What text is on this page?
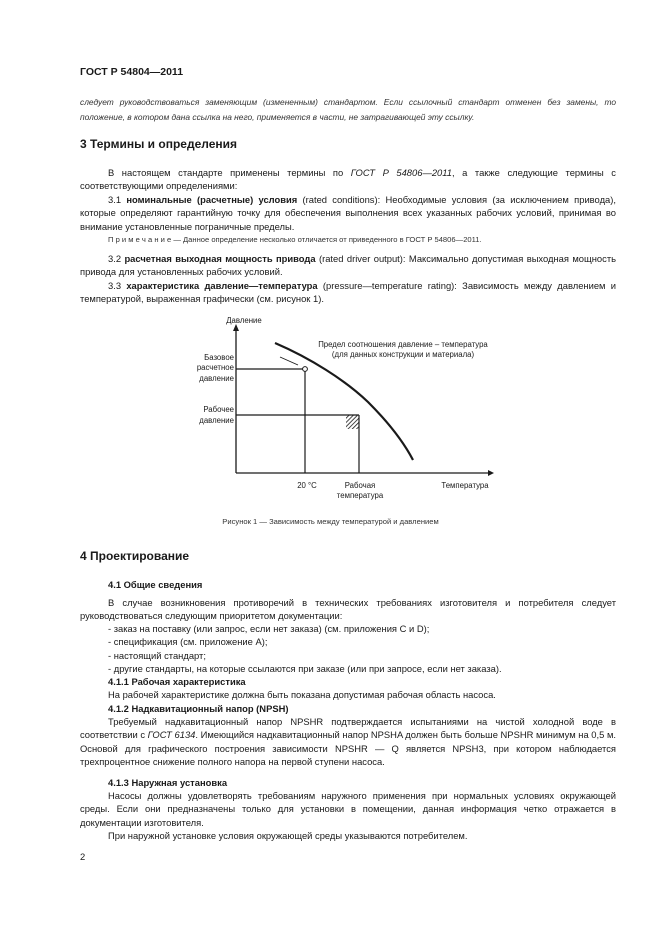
ГОСТ Р 54804—2011

следует руководствоваться заменяющим (измененным) стандартом. Если ссылочный стандарт отменен без замены, то положение, в котором дана ссылка на него, применяется в части, не затрагивающей эту ссылку.

3 Термины и определения

В настоящем стандарте применены термины по ГОСТ Р 54806—2011, а также следующие термины с соответствующими определениями:

3.1 номинальные (расчетные) условия (rated conditions): Необходимые условия (за исключением привода), которые определяют гарантийную точку для обеспечения выполнения всех указанных рабочих условий, принимая во внимание установленные пограничные пределы.

П р и м е ч а н и е — Данное определение несколько отличается от приведенного в ГОСТ Р 54806—2011.

3.2 расчетная выходная мощность привода (rated driver output): Максимально допустимая выходная мощность привода для установленных рабочих условий.

3.3 характеристика давление—температура (pressure—temperature rating): Зависимость между давлением и температурой, выраженная графически (см. рисунок 1).

Давление
Температура
Предел соотношения давление – температура
(для данных конструкции и материала)
Базовое
расчетное
давление
Рабочее
давление
20 °C	Рабочая
температура
Рисунок 1 — Зависимость между температурой и давлением
4 Проектирование
4.1 Общие сведения

В случае возникновения противоречий в технических требованиях изготовителя и потребителя следует руководствоваться следующим приоритетом документации:

- заказ на поставку (или запрос, если нет заказа) (см. приложения С и D);
- спецификация (см. приложение А);
- настоящий стандарт;
- другие стандарты, на которые ссылаются при заказе (или при запросе, если нет заказа).
4.1.1 Рабочая характеристика

На рабочей характеристике должна быть показана допустимая рабочая область насоса.

4.1.2 Надкавитационный напор (NPSH)

Требуемый надкавитационный напор NPSHR подтверждается испытаниями на чистой холодной воде в соответствии с ГОСТ 6134. Имеющийся надкавитационный напор NPSHA должен быть больше NPSHR минимум на 0,5 м. Основой для графического построения зависимости NPSHR — Q является NPSH3, при котором наблюдается трехпроцентное снижение полного напора на первой ступени насоса.

4.1.3 Наружная установка

Насосы должны удовлетворять требованиям наружного применения при нормальных условиях окружающей среды. Если они предназначены только для установки в помещении, данная информация четко отражается в документации изготовителя.

При наружной установке условия окружающей среды указываются потребителем.

2
